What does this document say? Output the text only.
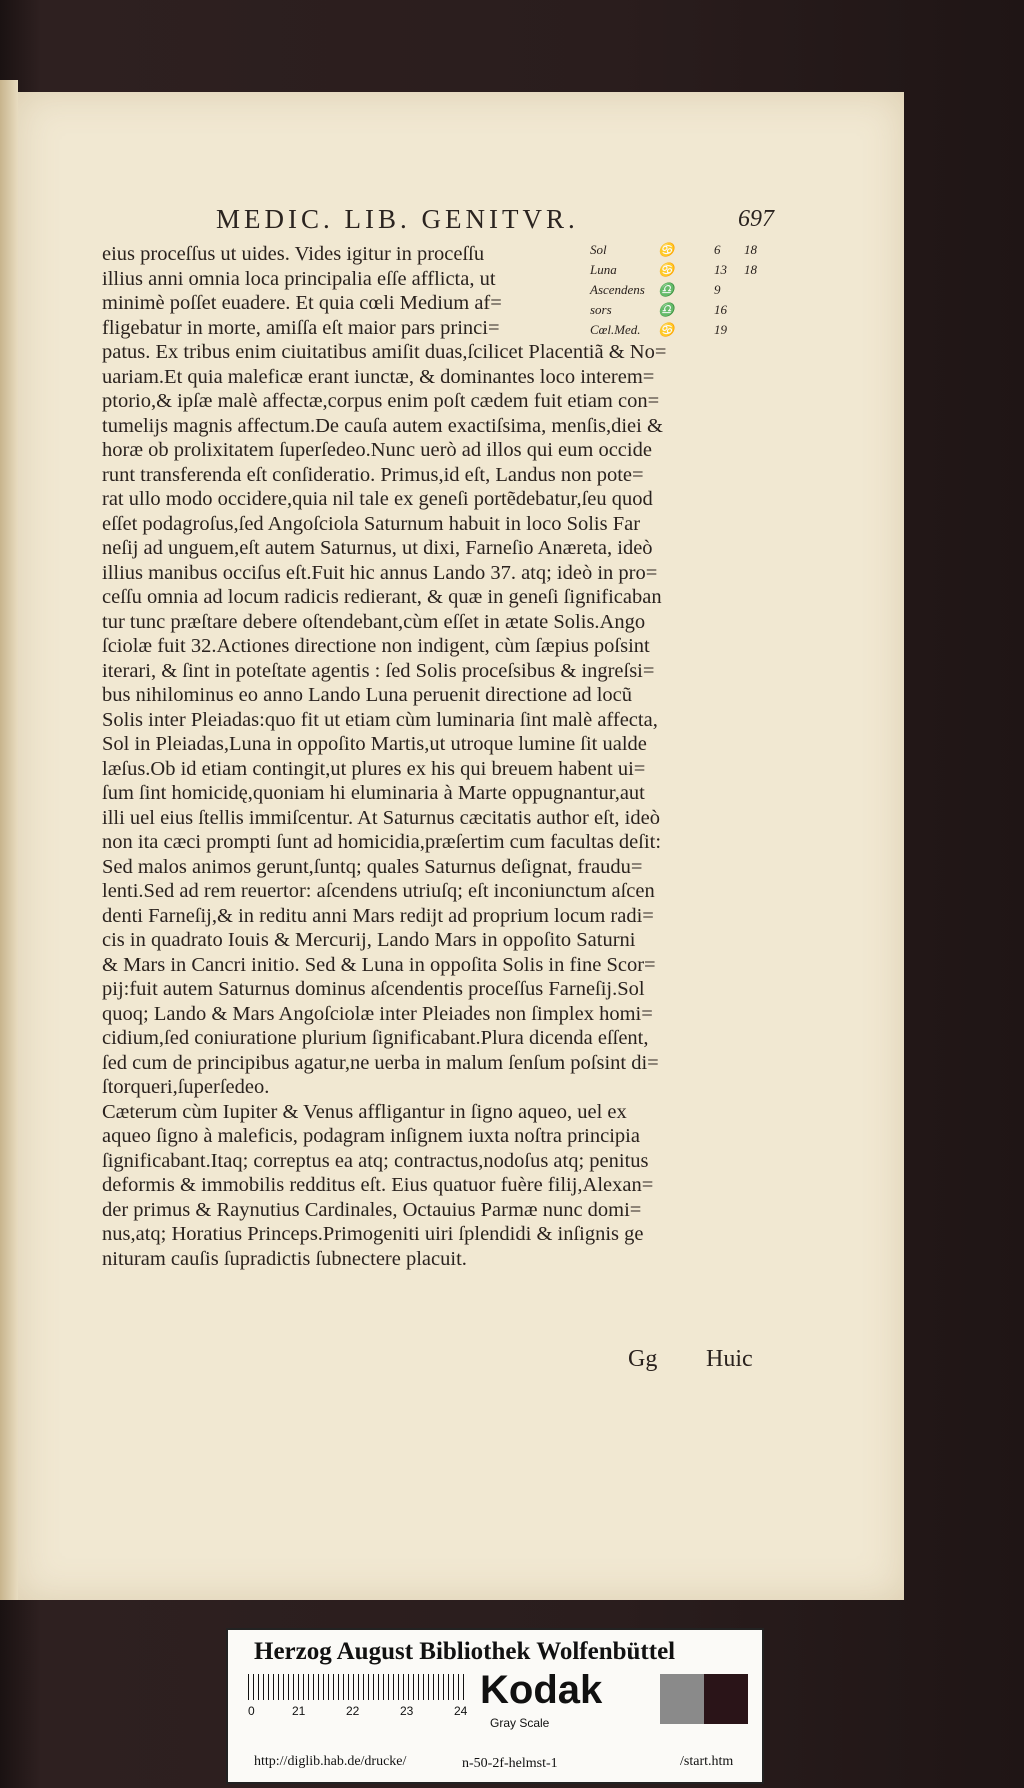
MEDIC. LIB. GENITVR.	697
Sol	♋	6 18
Luna	♋	13 18
Ascendens ♎	9
sors	♎	16
Cœl.Med. ♋	19
eius proceſſus ut uides. Vides igitur in proceſſu
illius anni omnia loca principalia eſſe afflicta, ut
minimè poſſet euadere. Et quia cœli Medium af=
fligebatur in morte, amiſſa eſt maior pars princi=
patus. Ex tribus enim ciuitatibus amiſit duas,ſcilicet Placentiã & No=
uariam.Et quia maleficæ erant iunctæ, & dominantes loco interem=
ptorio,& ipſæ malè affectæ,corpus enim poſt cædem fuit etiam con=
tumelijs magnis affectum.De cauſa autem exactiſsima, menſis,diei &
horæ ob prolixitatem ſuperſedeo.Nunc uerò ad illos qui eum occide
runt transferenda eſt conſideratio. Primus,id eſt, Landus non pote=
rat ullo modo occidere,quia nil tale ex geneſi portẽdebatur,ſeu quod
eſſet podagroſus,ſed Angoſciola Saturnum habuit in loco Solis Far
neſij ad unguem,eſt autem Saturnus, ut dixi, Farneſio Anæreta, ideò
illius manibus occiſus eſt.Fuit hic annus Lando 37. atq; ideò in pro=
ceſſu omnia ad locum radicis redierant, & quæ in geneſi ſignificaban
tur tunc præſtare debere oſtendebant,cùm eſſet in ætate Solis.Ango
ſciolæ fuit 32.Actiones directione non indigent, cùm ſæpius poſsint
iterari, & ſint in poteſtate agentis : ſed Solis proceſsibus & ingreſsi=
bus nihilominus eo anno Lando Luna peruenit directione ad locũ
Solis inter Pleiadas:quo fit ut etiam cùm luminaria ſint malè affecta,
Sol in Pleiadas,Luna in oppoſito Martis,ut utroque lumine ſit ualde
læſus.Ob id etiam contingit,ut plures ex his qui breuem habent ui=
ſum ſint homicidę,quoniam hi eluminaria à Marte oppugnantur,aut
illi uel eius ſtellis immiſcentur. At Saturnus cæcitatis author eſt, ideò
non ita cæci prompti ſunt ad homicidia,præſertim cum facultas deſit:
Sed malos animos gerunt,ſuntq; quales Saturnus deſignat, fraudu=
lenti.Sed ad rem reuertor: aſcendens utriuſq; eſt inconiunctum aſcen
denti Farneſij,& in reditu anni Mars redijt ad proprium locum radi=
cis in quadrato Iouis & Mercurij, Lando Mars in oppoſito Saturni
& Mars in Cancri initio. Sed & Luna in oppoſita Solis in fine Scor=
pij:fuit autem Saturnus dominus aſcendentis proceſſus Farneſij.Sol
quoq; Lando & Mars Angoſciolæ inter Pleiades non ſimplex homi=
cidium,ſed coniuratione plurium ſignificabant.Plura dicenda eſſent,
ſed cum de principibus agatur,ne uerba in malum ſenſum poſsint di=
ſtorqueri,ſuperſedeo.
Cæterum cùm Iupiter & Venus affligantur in ſigno aqueo, uel ex
aqueo ſigno à maleficis, podagram inſignem iuxta noſtra principia
ſignificabant.Itaq; correptus ea atq; contractus,nodoſus atq; penitus
deformis & immobilis redditus eſt. Eius quatuor fuère filij,Alexan=
der primus & Raynutius Cardinales, Octauius Parmæ nunc domi=
nus,atq; Horatius Princeps.Primogeniti uiri ſplendidi & inſignis ge
nituram cauſis ſupradictis ſubnectere placuit.
Gg Huic
Herzog August Bibliothek Wolfenbüttel
0	21	22	23	24 Kodak
Gray Scale
http://diglib.hab.de/drucke/	n-50-2f-helmst-1	/start.htm
